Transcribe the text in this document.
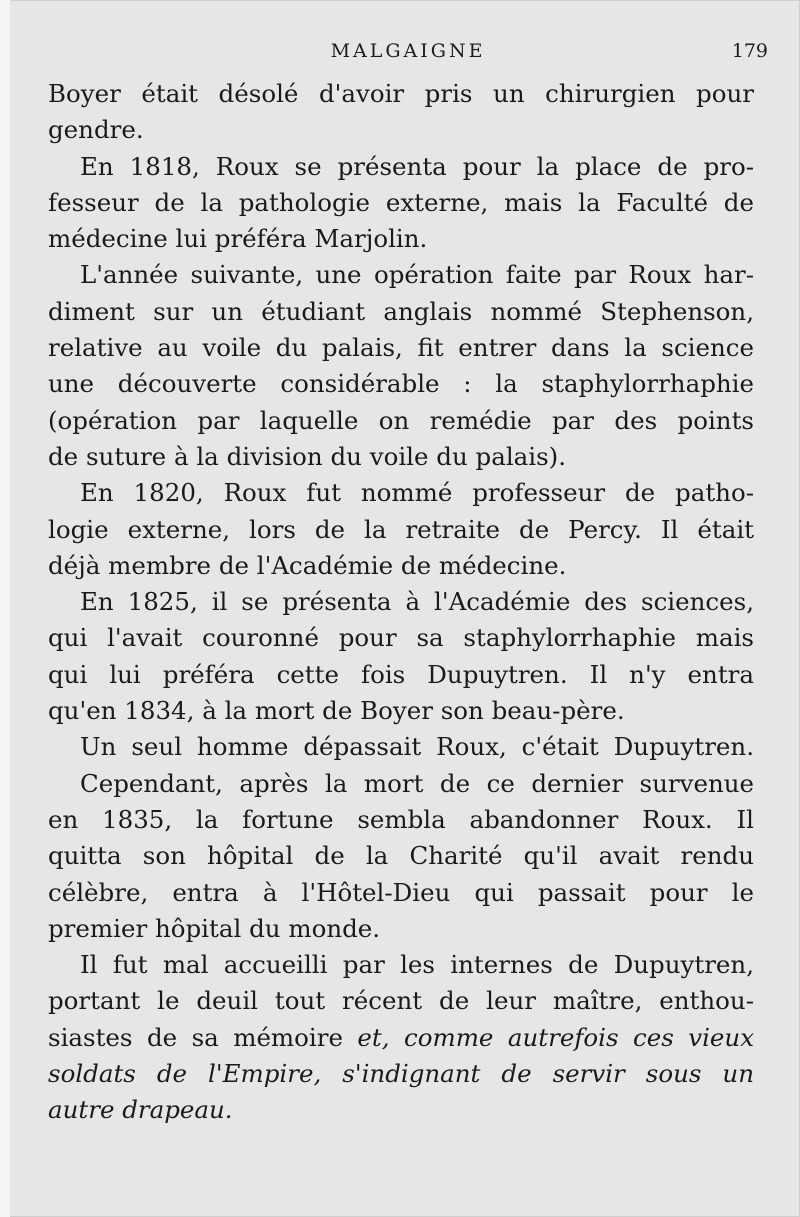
MALGAIGNE	179
Boyer était désolé d'avoir pris un chirurgien pour
gendre.
En 1818, Roux se présenta pour la place de pro-
fesseur de la pathologie externe, mais la Faculté de
médecine lui préféra Marjolin.
L'année suivante, une opération faite par Roux har-
diment sur un étudiant anglais nommé Stephenson,
relative au voile du palais, fit entrer dans la science
une découverte considérable : la staphylorrhaphie
(opération par laquelle on remédie par des points
de suture à la division du voile du palais).
En 1820, Roux fut nommé professeur de patho-
logie externe, lors de la retraite de Percy. Il était
déjà membre de l'Académie de médecine.
En 1825, il se présenta à l'Académie des sciences,
qui l'avait couronné pour sa staphylorrhaphie mais
qui lui préféra cette fois Dupuytren. Il n'y entra
qu'en 1834, à la mort de Boyer son beau-père.
Un seul homme dépassait Roux, c'était Dupuytren.
Cependant, après la mort de ce dernier survenue
en 1835, la fortune sembla abandonner Roux. Il
quitta son hôpital de la Charité qu'il avait rendu
célèbre, entra à l'Hôtel-Dieu qui passait pour le
premier hôpital du monde.
Il fut mal accueilli par les internes de Dupuytren,
portant le deuil tout récent de leur maître, enthou-
siastes de sa mémoire et, comme autrefois ces vieux
soldats de l'Empire, s'indignant de servir sous un
autre drapeau.
